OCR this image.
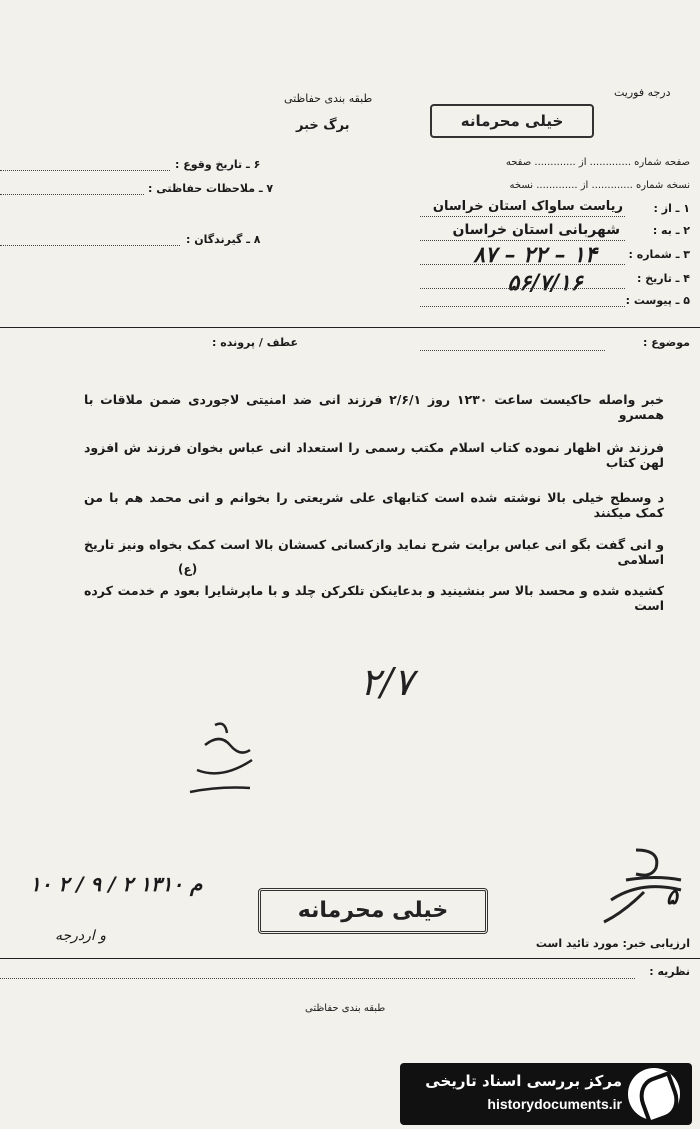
درجه فوریت
طبقه بندی حفاظتی
برگ خبر	خیلی محرمانه
۶ ـ تاریخ وقوع :
۷ ـ ملاحظات حفاظتی :
۸ ـ گیرندگان :
صفحه شماره ............. از ............. صفحه
نسخه شماره ............. از ............. نسخه
۱ ـ از :
ریاست ساواک استان خراسان
۲ ـ به :
شهربانی استان خراسان
۳ ـ شماره :
۸۷ – ۲۲ – ۱۴
۴ ـ تاریخ :
۵۶/۷/۱۶
۵ ـ پیوست :
موضوع :
عطف / پرونده :
خبر واصله حاکیست ساعت ۱۲۳۰ روز ۲/۶/۱ فرزند انی ضد امنیتی لاجوردی ضمن ملاقات با همسرو
فرزند ش اظهار نموده کتاب اسلام مکتب رسمی را استعداد انی عباس بخوان فرزند ش افزود لهن کتاب
د وسطح خیلی بالا نوشته شده است کتابهای علی شریعتی را بخوانم و انی محمد هم با من کمک میکنند
و انی گفت بگو انی عباس برایت شرح نماید وازکسانی کسشان بالا است کمک بخواه ونیز تاریخ اسلامی
(ع)
کشیده شده و محسد بالا سر بنشینید و بدعاینکن تلکرکن چلد و با ماپرشایرا بعود م خدمت کرده است
۲/۷
۱۰ ۲ / ۹ / ۲ ۱۳۱۰ م
و اردرجه
خیلی محرمانه
۵
ارزیابی خبر: مورد تائید است
نظریه :
طبقه بندی حفاظتی
مرکز بررسی اسناد تاریخی
historydocuments.ir
